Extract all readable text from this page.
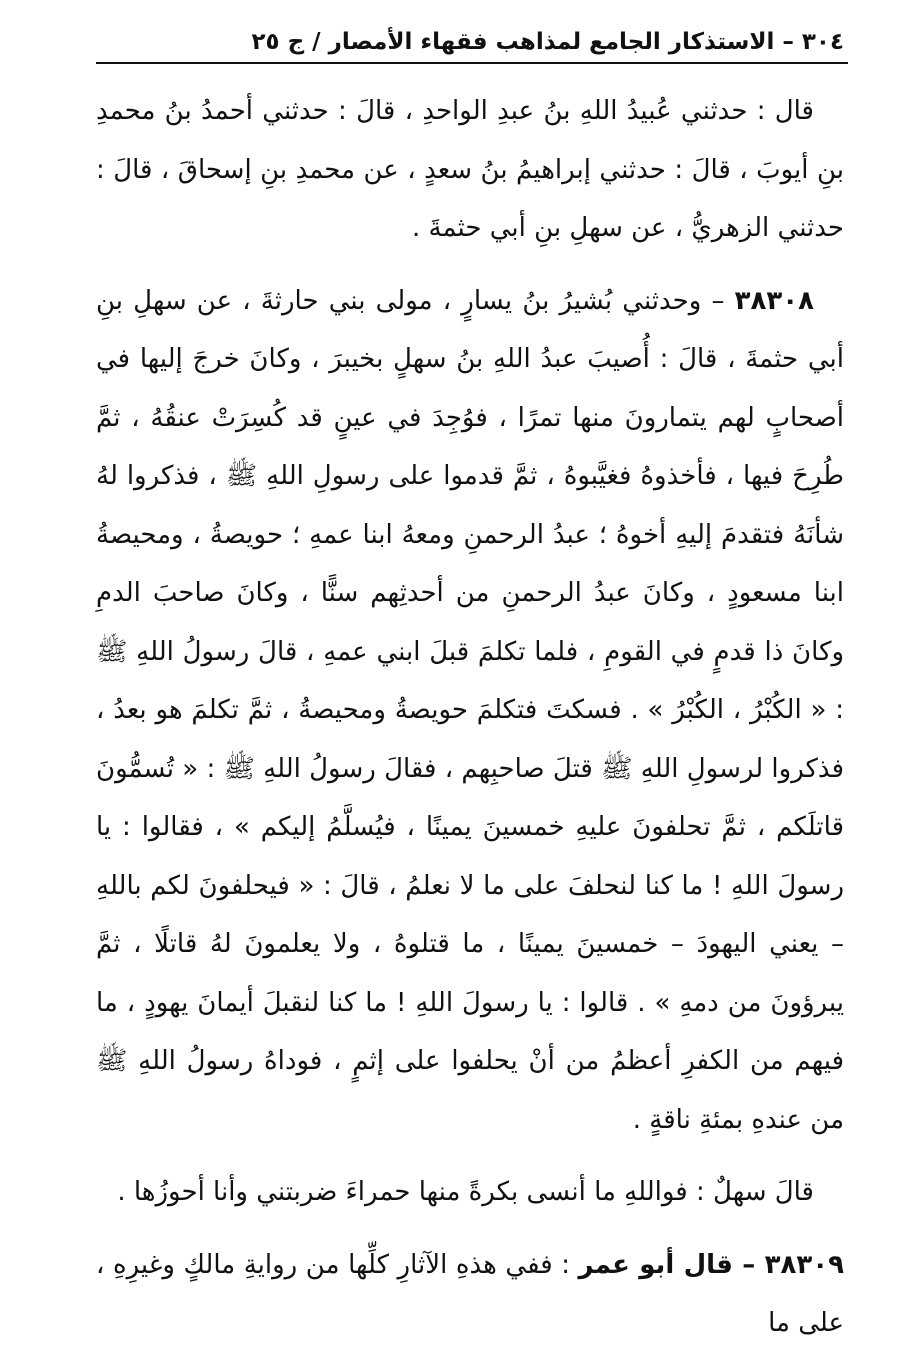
٣٠٤ – الاستذكار الجامع لمذاهب فقهاء الأمصار / ج ٢٥

قال : حدثني عُبيدُ اللهِ بنُ عبدِ الواحدِ ، قالَ : حدثني أحمدُ بنُ محمدِ بنِ أيوبَ ، قالَ : حدثني إبراهيمُ بنُ سعدٍ ، عن محمدِ بنِ إسحاقَ ، قالَ : حدثني الزهريُّ ، عن سهلِ بنِ أبي حثمةَ .

٣٨٣٠٨ – وحدثني بُشيرُ بنُ يسارٍ ، مولى بني حارثةَ ، عن سهلِ بنِ أبي حثمةَ ، قالَ : أُصيبَ عبدُ اللهِ بنُ سهلٍ بخيبرَ ، وكانَ خرجَ إليها في أصحابٍ لهم يتمارونَ منها تمرًا ، فوُجِدَ في عينٍ قد كُسِرَتْ عنقُهُ ، ثمَّ طُرِحَ فيها ، فأخذوهُ فغيَّبوهُ ، ثمَّ قدموا على رسولِ اللهِ ﷺ ، فذكروا لهُ شأنَهُ فتقدمَ إليهِ أخوهُ ؛ عبدُ الرحمنِ ومعهُ ابنا عمهِ ؛ حويصةُ ، ومحيصةُ ابنا مسعودٍ ، وكانَ عبدُ الرحمنِ من أحدثِهم سنًّا ، وكانَ صاحبَ الدمِ وكانَ ذا قدمٍ في القومِ ، فلما تكلمَ قبلَ ابني عمهِ ، قالَ رسولُ اللهِ ﷺ : « الكُبْرُ ، الكُبْرُ » . فسكتَ فتكلمَ حويصةُ ومحيصةُ ، ثمَّ تكلمَ هو بعدُ ، فذكروا لرسولِ اللهِ ﷺ قتلَ صاحبِهم ، فقالَ رسولُ اللهِ ﷺ : « تُسمُّونَ قاتلَكم ، ثمَّ تحلفونَ عليهِ خمسينَ يمينًا ، فيُسلَّمُ إليكم » ، فقالوا : يا رسولَ اللهِ ! ما كنا لنحلفَ على ما لا نعلمُ ، قالَ : « فيحلفونَ لكم باللهِ – يعني اليهودَ – خمسينَ يمينًا ، ما قتلوهُ ، ولا يعلمونَ لهُ قاتلًا ، ثمَّ يبرؤونَ من دمهِ » . قالوا : يا رسولَ اللهِ ! ما كنا لنقبلَ أيمانَ يهودٍ ، ما فيهم من الكفرِ أعظمُ من أنْ يحلفوا على إثمٍ ، فوداهُ رسولُ اللهِ ﷺ من عندهِ بمئةِ ناقةٍ .

قالَ سهلٌ : فواللهِ ما أنسى بكرةً منها حمراءَ ضربتني وأنا أحوزُها .

٣٨٣٠٩ – قال أبو عمر : ففي هذهِ الآثارِ كلِّها من روايةِ مالكٍ وغيرِهِ ، على ما
